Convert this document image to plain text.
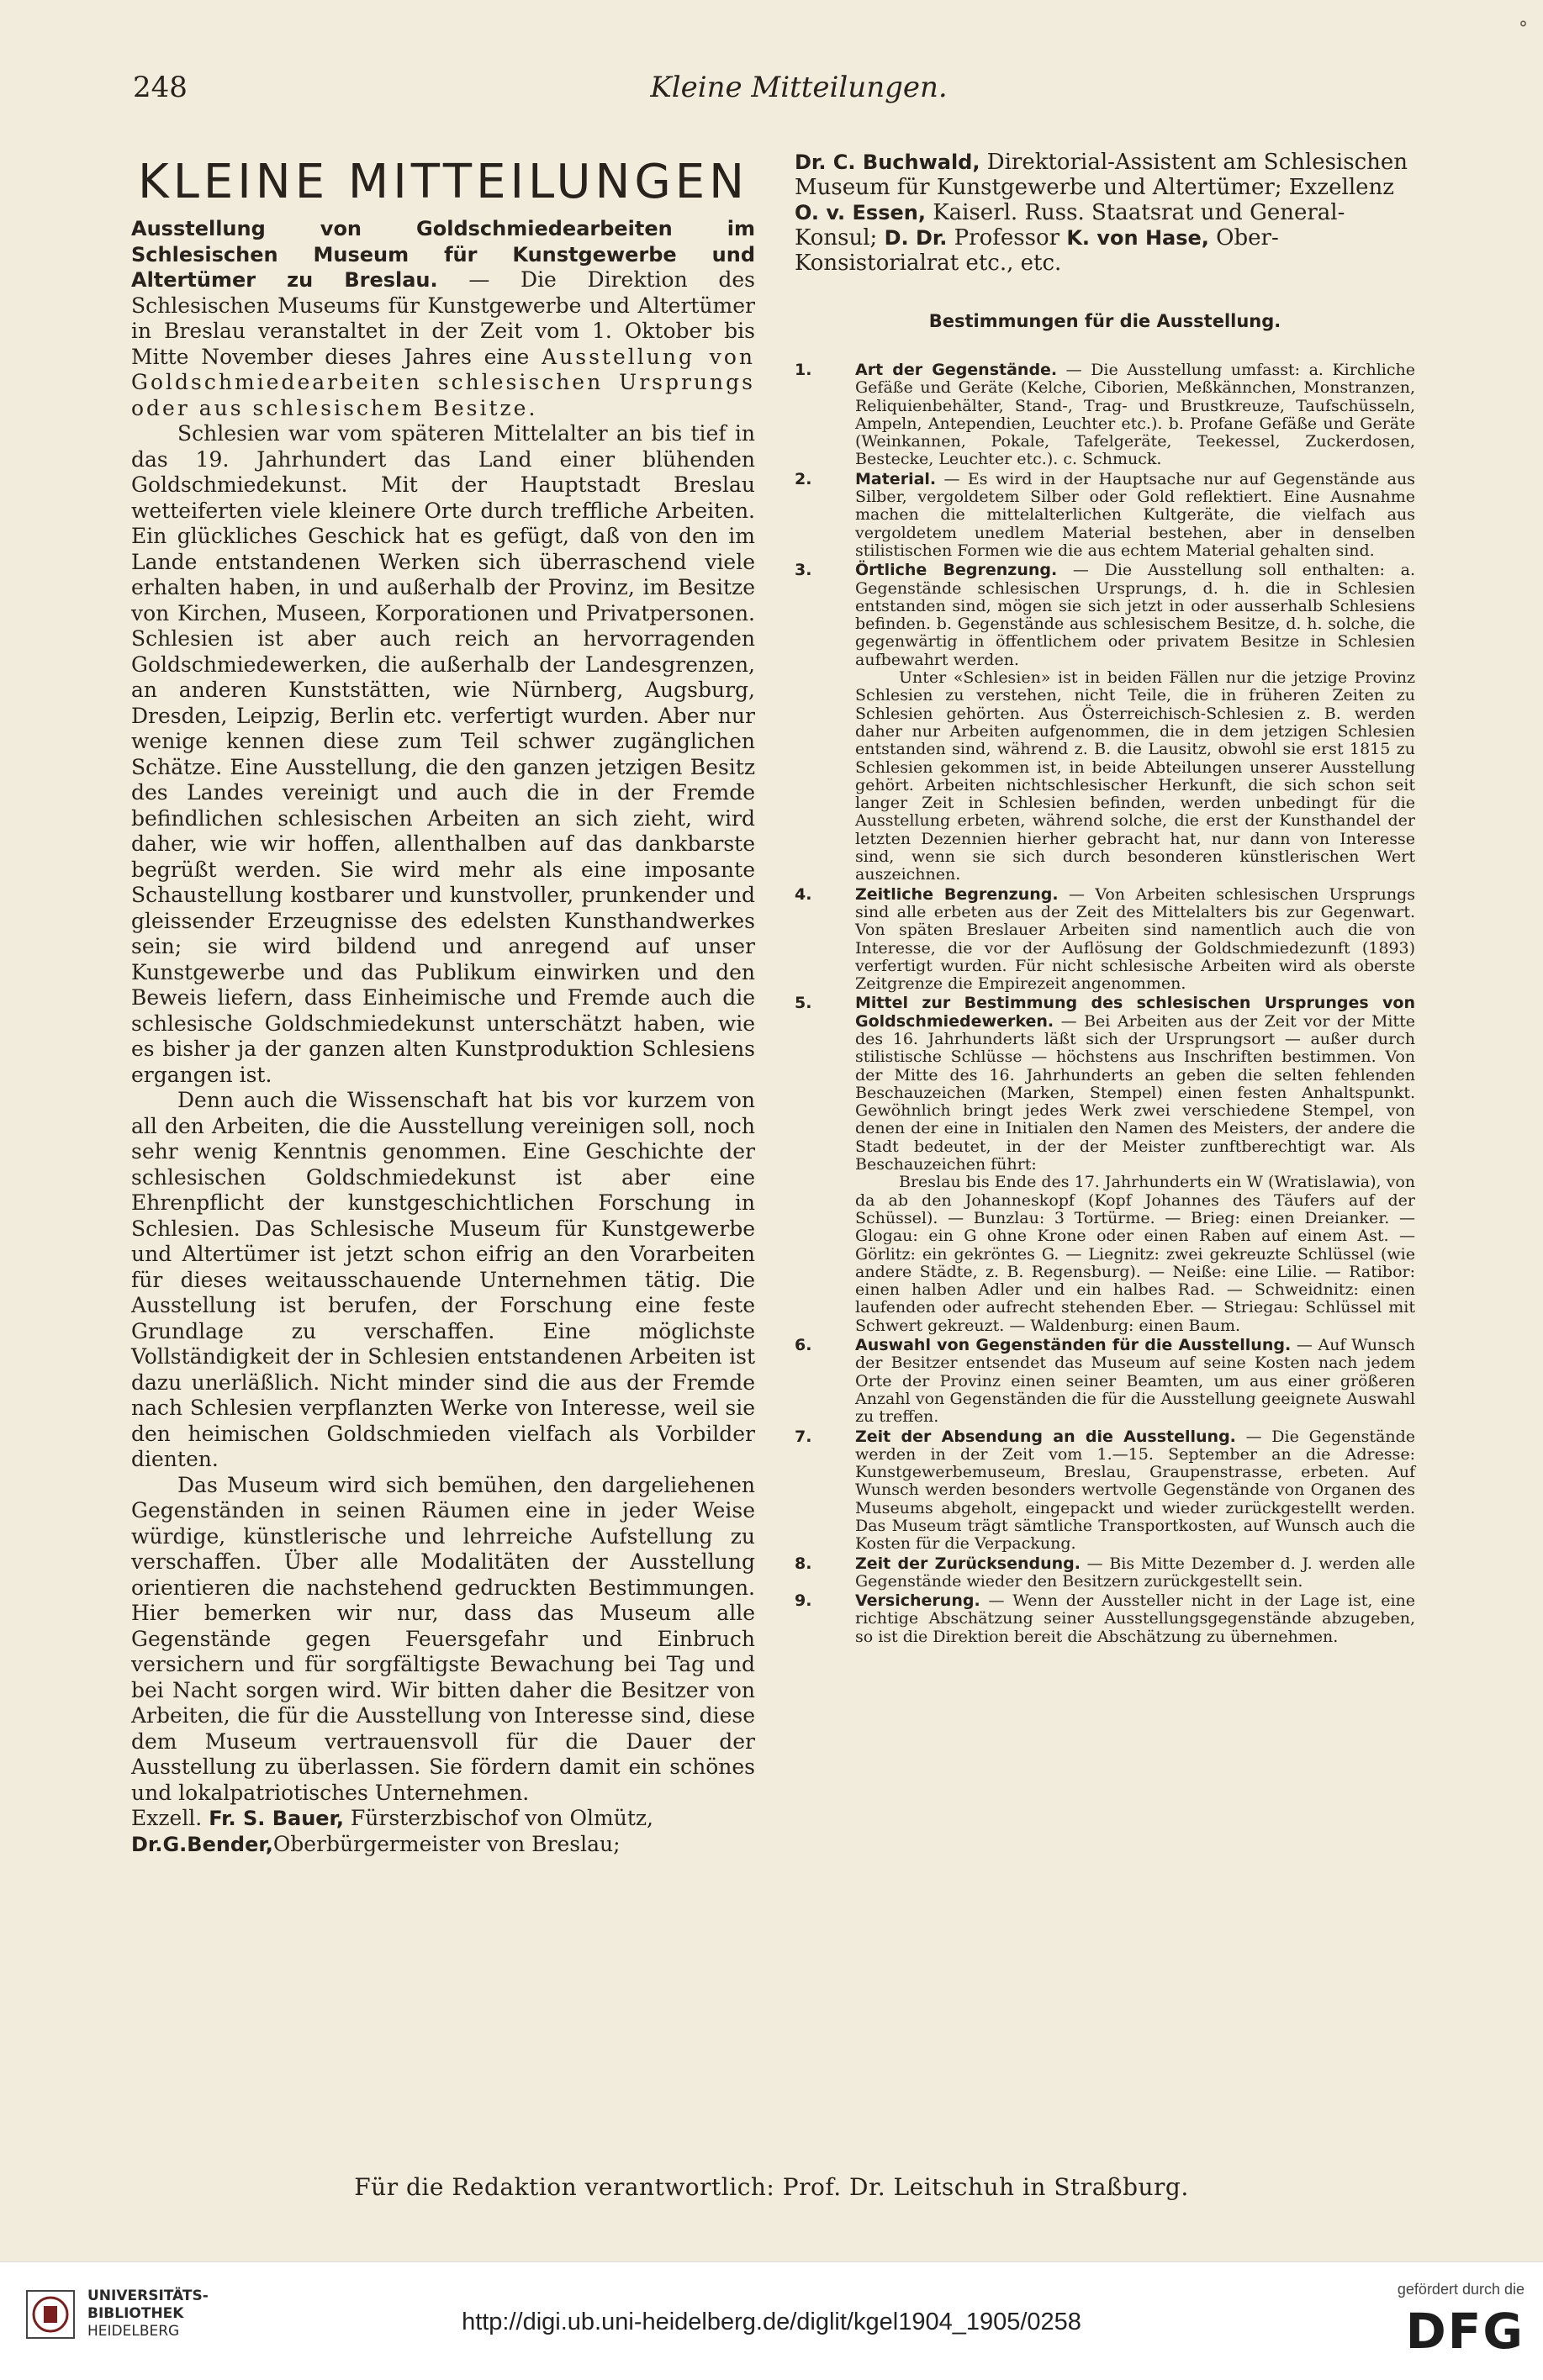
248	Kleine Mitteilungen.
°
KLEINE MITTEILUNGEN

Ausstellung von Goldschmiedearbeiten im Schlesischen Museum für Kunstgewerbe und Altertümer zu Breslau. — Die Direktion des Schlesischen Museums für Kunstgewerbe und Altertümer in Breslau veranstaltet in der Zeit vom 1. Oktober bis Mitte November dieses Jahres eine Ausstellung von Goldschmiedearbeiten schlesischen Ursprungs oder aus schlesischem Besitze.

Schlesien war vom späteren Mittelalter an bis tief in das 19. Jahrhundert das Land einer blühenden Goldschmiedekunst. Mit der Hauptstadt Breslau wetteiferten viele kleinere Orte durch treffliche Arbeiten. Ein glückliches Geschick hat es gefügt, daß von den im Lande entstandenen Werken sich überraschend viele erhalten haben, in und außerhalb der Provinz, im Besitze von Kirchen, Museen, Korporationen und Privatpersonen. Schlesien ist aber auch reich an hervorragenden Goldschmiedewerken, die außerhalb der Landesgrenzen, an anderen Kunststätten, wie Nürnberg, Augsburg, Dresden, Leipzig, Berlin etc. verfertigt wurden. Aber nur wenige kennen diese zum Teil schwer zugänglichen Schätze. Eine Ausstellung, die den ganzen jetzigen Besitz des Landes vereinigt und auch die in der Fremde befindlichen schlesischen Arbeiten an sich zieht, wird daher, wie wir hoffen, allenthalben auf das dankbarste begrüßt werden. Sie wird mehr als eine imposante Schaustellung kostbarer und kunstvoller, prunkender und gleissender Erzeugnisse des edelsten Kunsthandwerkes sein; sie wird bildend und anregend auf unser Kunstgewerbe und das Publikum einwirken und den Beweis liefern, dass Einheimische und Fremde auch die schlesische Goldschmiedekunst unterschätzt haben, wie es bisher ja der ganzen alten Kunstproduktion Schlesiens ergangen ist.

Denn auch die Wissenschaft hat bis vor kurzem von all den Arbeiten, die die Ausstellung vereinigen soll, noch sehr wenig Kenntnis genommen. Eine Geschichte der schlesischen Goldschmiedekunst ist aber eine Ehrenpflicht der kunstgeschichtlichen Forschung in Schlesien. Das Schlesische Museum für Kunstgewerbe und Altertümer ist jetzt schon eifrig an den Vorarbeiten für dieses weitausschauende Unternehmen tätig. Die Ausstellung ist berufen, der Forschung eine feste Grundlage zu verschaffen. Eine möglichste Vollständigkeit der in Schlesien entstandenen Arbeiten ist dazu unerläßlich. Nicht minder sind die aus der Fremde nach Schlesien verpflanzten Werke von Interesse, weil sie den heimischen Goldschmieden vielfach als Vorbilder dienten.

Das Museum wird sich bemühen, den dargeliehenen Gegenständen in seinen Räumen eine in jeder Weise würdige, künstlerische und lehrreiche Aufstellung zu verschaffen. Über alle Modalitäten der Ausstellung orientieren die nachstehend gedruckten Bestimmungen. Hier bemerken wir nur, dass das Museum alle Gegenstände gegen Feuersgefahr und Einbruch versichern und für sorgfältigste Bewachung bei Tag und bei Nacht sorgen wird. Wir bitten daher die Besitzer von Arbeiten, die für die Ausstellung von Interesse sind, diese dem Museum vertrauensvoll für die Dauer der Ausstellung zu überlassen. Sie fördern damit ein schönes und lokalpatriotisches Unternehmen.

Exzell. Fr. S. Bauer, Fürsterzbischof von Olmütz,

Dr.G.Bender,Oberbürgermeister von Breslau;

Dr. C. Buchwald, Direktorial-Assistent am Schlesischen Museum für Kunstgewerbe und Altertümer; Exzellenz O. v. Essen, Kaiserl. Russ. Staatsrat und General-Konsul; D. Dr. Professor K. von Hase, Ober-Konsistorialrat etc., etc.

Bestimmungen für die Ausstellung.
1.	Art der Gegenstände. — Die Ausstellung umfasst: a. Kirchliche Gefäße und Geräte (Kelche, Ciborien, Meßkännchen, Monstranzen, Reliquienbehälter, Stand-, Trag- und Brustkreuze, Taufschüsseln, Ampeln, Antependien, Leuchter etc.). b. Profane Gefäße und Geräte (Weinkannen, Pokale, Tafelgeräte, Teekessel, Zuckerdosen, Bestecke, Leuchter etc.). c. Schmuck.
2.	Material. — Es wird in der Hauptsache nur auf Gegenstände aus Silber, vergoldetem Silber oder Gold reflektiert. Eine Ausnahme machen die mittelalterlichen Kultgeräte, die vielfach aus vergoldetem unedlem Material bestehen, aber in denselben stilistischen Formen wie die aus echtem Material gehalten sind.
3.	Örtliche Begrenzung. — Die Ausstellung soll enthalten: a. Gegenstände schlesischen Ursprungs, d. h. die in Schlesien entstanden sind, mögen sie sich jetzt in oder ausserhalb Schlesiens befinden. b. Gegenstände aus schlesischem Besitze, d. h. solche, die gegenwärtig in öffentlichem oder privatem Besitze in Schlesien aufbewahrt werden.
Unter «Schlesien» ist in beiden Fällen nur die jetzige Provinz Schlesien zu verstehen, nicht Teile, die in früheren Zeiten zu Schlesien gehörten. Aus Österreichisch-Schlesien z. B. werden daher nur Arbeiten aufgenommen, die in dem jetzigen Schlesien entstanden sind, während z. B. die Lausitz, obwohl sie erst 1815 zu Schlesien gekommen ist, in beide Abteilungen unserer Ausstellung gehört. Arbeiten nichtschlesischer Herkunft, die sich schon seit langer Zeit in Schlesien befinden, werden unbedingt für die Ausstellung erbeten, während solche, die erst der Kunsthandel der letzten Dezennien hierher gebracht hat, nur dann von Interesse sind, wenn sie sich durch besonderen künstlerischen Wert auszeichnen.
4.	Zeitliche Begrenzung. — Von Arbeiten schlesischen Ursprungs sind alle erbeten aus der Zeit des Mittelalters bis zur Gegenwart. Von späten Breslauer Arbeiten sind namentlich auch die von Interesse, die vor der Auflösung der Goldschmiedezunft (1893) verfertigt wurden. Für nicht schlesische Arbeiten wird als oberste Zeitgrenze die Empirezeit angenommen.
5.	Mittel zur Bestimmung des schlesischen Ursprunges von Goldschmiedewerken. — Bei Arbeiten aus der Zeit vor der Mitte des 16. Jahrhunderts läßt sich der Ursprungsort — außer durch stilistische Schlüsse — höchstens aus Inschriften bestimmen. Von der Mitte des 16. Jahrhunderts an geben die selten fehlenden Beschauzeichen (Marken, Stempel) einen festen Anhaltspunkt. Gewöhnlich bringt jedes Werk zwei verschiedene Stempel, von denen der eine in Initialen den Namen des Meisters, der andere die Stadt bedeutet, in der der Meister zunftberechtigt war. Als Beschauzeichen führt:
Breslau bis Ende des 17. Jahrhunderts ein W (Wratislawia), von da ab den Johanneskopf (Kopf Johannes des Täufers auf der Schüssel). — Bunzlau: 3 Tortürme. — Brieg: einen Dreianker. — Glogau: ein G ohne Krone oder einen Raben auf einem Ast. — Görlitz: ein gekröntes G. — Liegnitz: zwei gekreuzte Schlüssel (wie andere Städte, z. B. Regensburg). — Neiße: eine Lilie. — Ratibor: einen halben Adler und ein halbes Rad. — Schweidnitz: einen laufenden oder aufrecht stehenden Eber. — Striegau: Schlüssel mit Schwert gekreuzt. — Waldenburg: einen Baum.
6.	Auswahl von Gegenständen für die Ausstellung. — Auf Wunsch der Besitzer entsendet das Museum auf seine Kosten nach jedem Orte der Provinz einen seiner Beamten, um aus einer größeren Anzahl von Gegenständen die für die Ausstellung geeignete Auswahl zu treffen.
7.	Zeit der Absendung an die Ausstellung. — Die Gegenstände werden in der Zeit vom 1.—15. September an die Adresse: Kunstgewerbemuseum, Breslau, Graupenstrasse, erbeten. Auf Wunsch werden besonders wertvolle Gegenstände von Organen des Museums abgeholt, eingepackt und wieder zurückgestellt werden. Das Museum trägt sämtliche Transportkosten, auf Wunsch auch die Kosten für die Verpackung.
8.	Zeit der Zurücksendung. — Bis Mitte Dezember d. J. werden alle Gegenstände wieder den Besitzern zurückgestellt sein.
9.	Versicherung. — Wenn der Aussteller nicht in der Lage ist, eine richtige Abschätzung seiner Ausstellungsgegenstände abzugeben, so ist die Direktion bereit die Abschätzung zu übernehmen.
Für die Redaktion verantwortlich: Prof. Dr. Leitschuh in Straßburg.
UNIVERSITÄTS-
BIBLIOTHEK
HEIDELBERG	http://digi.ub.uni-heidelberg.de/diglit/kgel1904_1905/0258
gefördert durch die
DFG
